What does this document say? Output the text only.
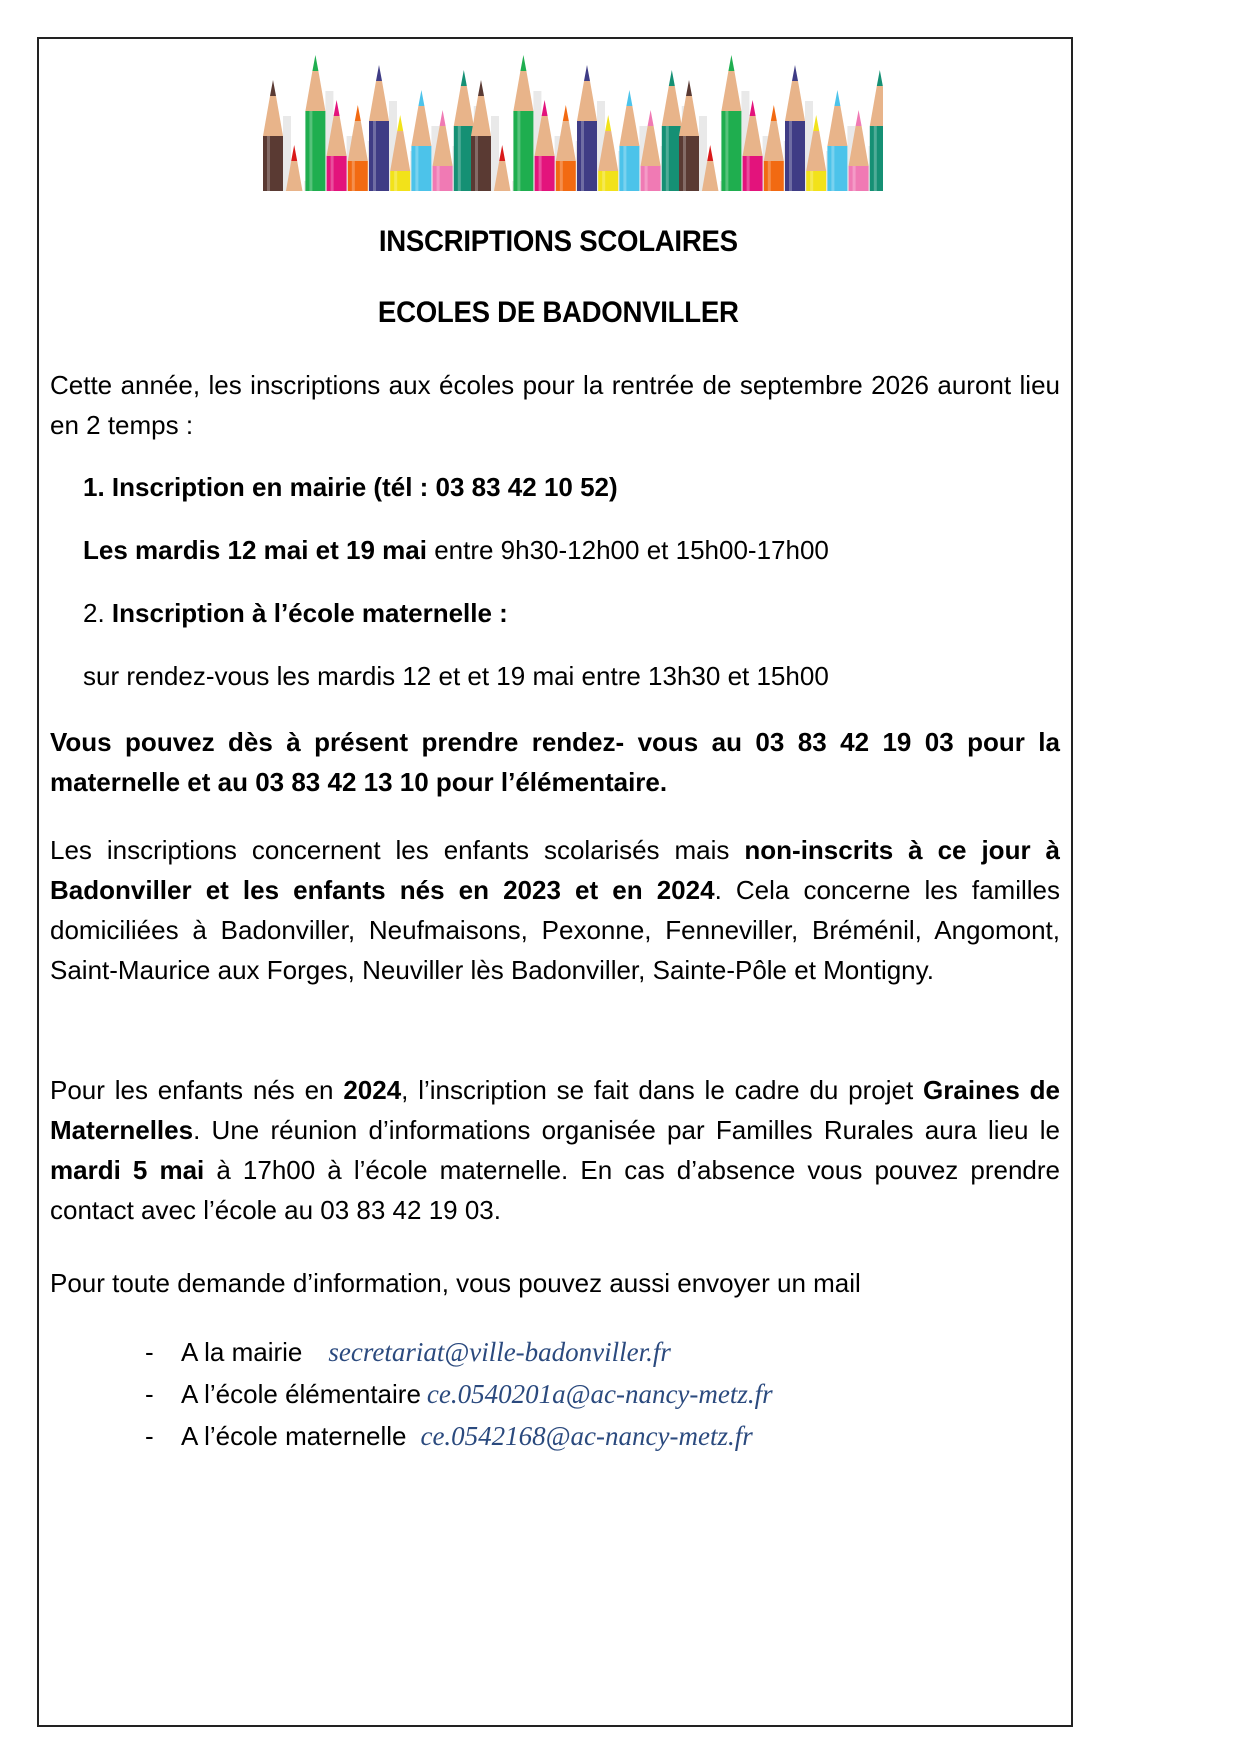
INSCRIPTIONS SCOLAIRES
ECOLES DE BADONVILLER
Cette année, les inscriptions aux écoles pour la rentrée de septembre 2026 auront lieu en 2 temps :
1. Inscription en mairie (tél : 03 83 42 10 52)
Les mardis 12 mai et 19 mai entre 9h30-12h00 et 15h00-17h00
2. Inscription à l’école maternelle :
sur rendez-vous les mardis 12 et et 19 mai entre 13h30 et 15h00
Vous pouvez dès à présent prendre rendez- vous au 03 83 42 19 03 pour la maternelle et au 03 83 42 13 10 pour l’élémentaire.
Les inscriptions concernent les enfants scolarisés mais non-inscrits à ce jour à Badonviller et les enfants nés en 2023 et en 2024. Cela concerne les familles domiciliées à Badonviller, Neufmaisons, Pexonne, Fenneviller, Bréménil, Angomont, Saint-Maurice aux Forges, Neuviller lès Badonviller, Sainte-Pôle et Montigny.
Pour les enfants nés en 2024, l’inscription se fait dans le cadre du projet Graines de Maternelles. Une réunion d’informations organisée par Familles Rurales aura lieu le mardi 5 mai à 17h00 à l’école maternelle. En cas d’absence vous pouvez prendre contact avec l’école au 03 83 42 19 03.
Pour toute demande d’information, vous pouvez aussi envoyer un mail
- A la mairie secretariat@ville-badonviller.fr
- A l’école élémentaire ce.0540201a@ac-nancy-metz.fr
- A l’école maternelle ce.0542168@ac-nancy-metz.fr
